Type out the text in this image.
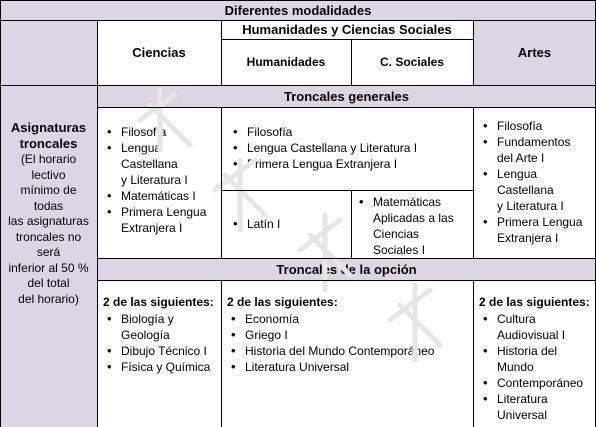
Diferentes modalidades
Ciencias
Humanidades y Ciencias Sociales
Humanidades	C. Sociales
Artes
Asignaturas
troncales
(El horario
lectivo
mínimo de
todas
las asignaturas
troncales no
será
inferior al 50 %
del total
del horario)
Troncales generales
• Filosofía
• Lengua
Castellana
y Literatura I
• Matemáticas I
• Primera Lengua
Extranjera I
• Filosofía
• Lengua Castellana y Literatura I
• Primera Lengua Extranjera I
• Latín I
• Matemáticas
Aplicadas a las
Ciencias
Sociales I
• Filosofía
• Fundamentos
del Arte I
• Lengua
Castellana
y Literatura I
• Primera Lengua
Extranjera I
Troncales de la opción
2 de las siguientes:
• Biología y
Geología
• Dibujo Técnico I
• Física y Química
2 de las siguientes:
• Economía
• Griego I
• Historia del Mundo Contemporáneo
• Literatura Universal
2 de las siguientes:
• Cultura
Audiovisual I
• Historia del
Mundo
• Contemporáneo
• Literatura
Universal
